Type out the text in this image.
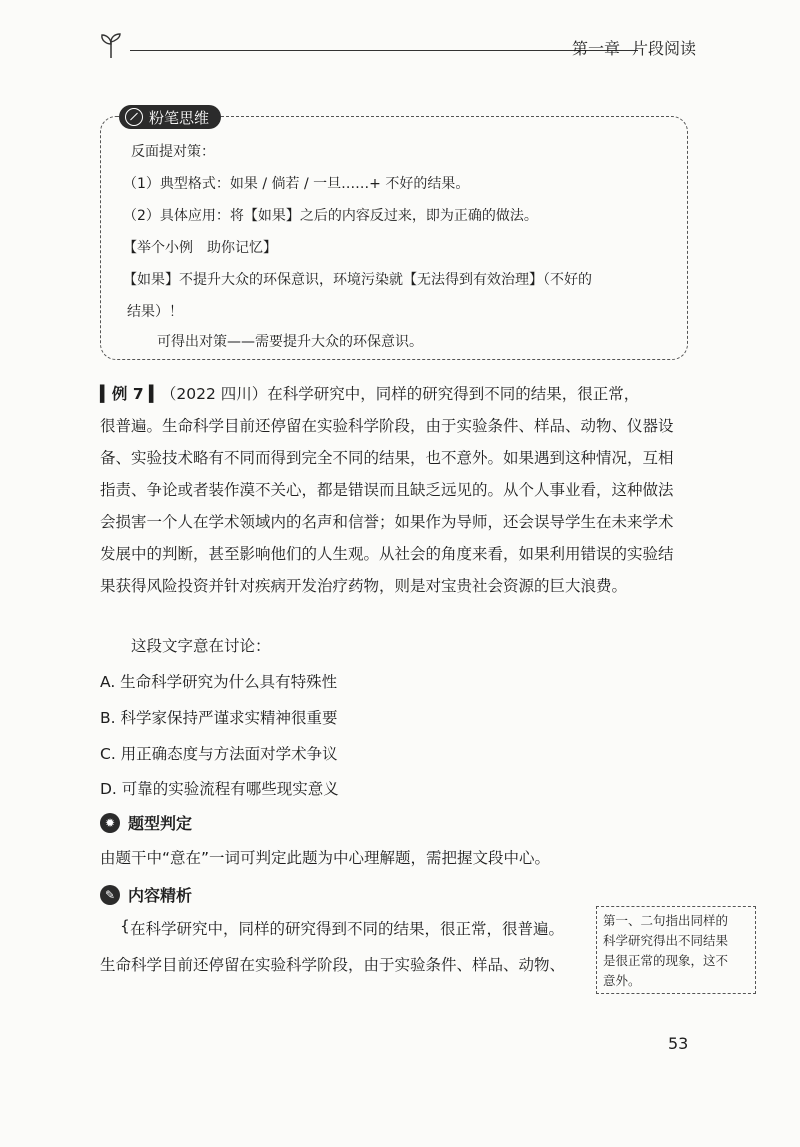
第一章 片段阅读
粉笔思维
反面提对策：
（1）典型格式：如果 / 倘若 / 一旦……+ 不好的结果。
（2）具体应用：将【如果】之后的内容反过来，即为正确的做法。
【举个小例　助你记忆】
【如果】不提升大众的环保意识，环境污染就【无法得到有效治理】（不好的
结果）！
可得出对策——需要提升大众的环保意识。
▍例 7 ▍（2022 四川）在科学研究中，同样的研究得到不同的结果，很正常，
很普遍。生命科学目前还停留在实验科学阶段，由于实验条件、样品、动物、仪器设
备、实验技术略有不同而得到完全不同的结果，也不意外。如果遇到这种情况，互相
指责、争论或者装作漠不关心，都是错误而且缺乏远见的。从个人事业看，这种做法
会损害一个人在学术领域内的名声和信誉；如果作为导师，还会误导学生在未来学术
发展中的判断，甚至影响他们的人生观。从社会的角度来看，如果利用错误的实验结
果获得风险投资并针对疾病开发治疗药物，则是对宝贵社会资源的巨大浪费。
这段文字意在讨论：
A. 生命科学研究为什么具有特殊性
B. 科学家保持严谨求实精神很重要
C. 用正确态度与方法面对学术争议
D. 可靠的实验流程有哪些现实意义
✹ 题型判定
由题干中“意在”一词可判定此题为中心理解题，需把握文段中心。
✎ 内容精析
{ 在科学研究中，同样的研究得到不同的结果，很正常，很普遍。
生命科学目前还停留在实验科学阶段，由于实验条件、样品、动物、
第一、二句指出同样的
科学研究得出不同结果
是很正常的现象，这不
意外。
53
